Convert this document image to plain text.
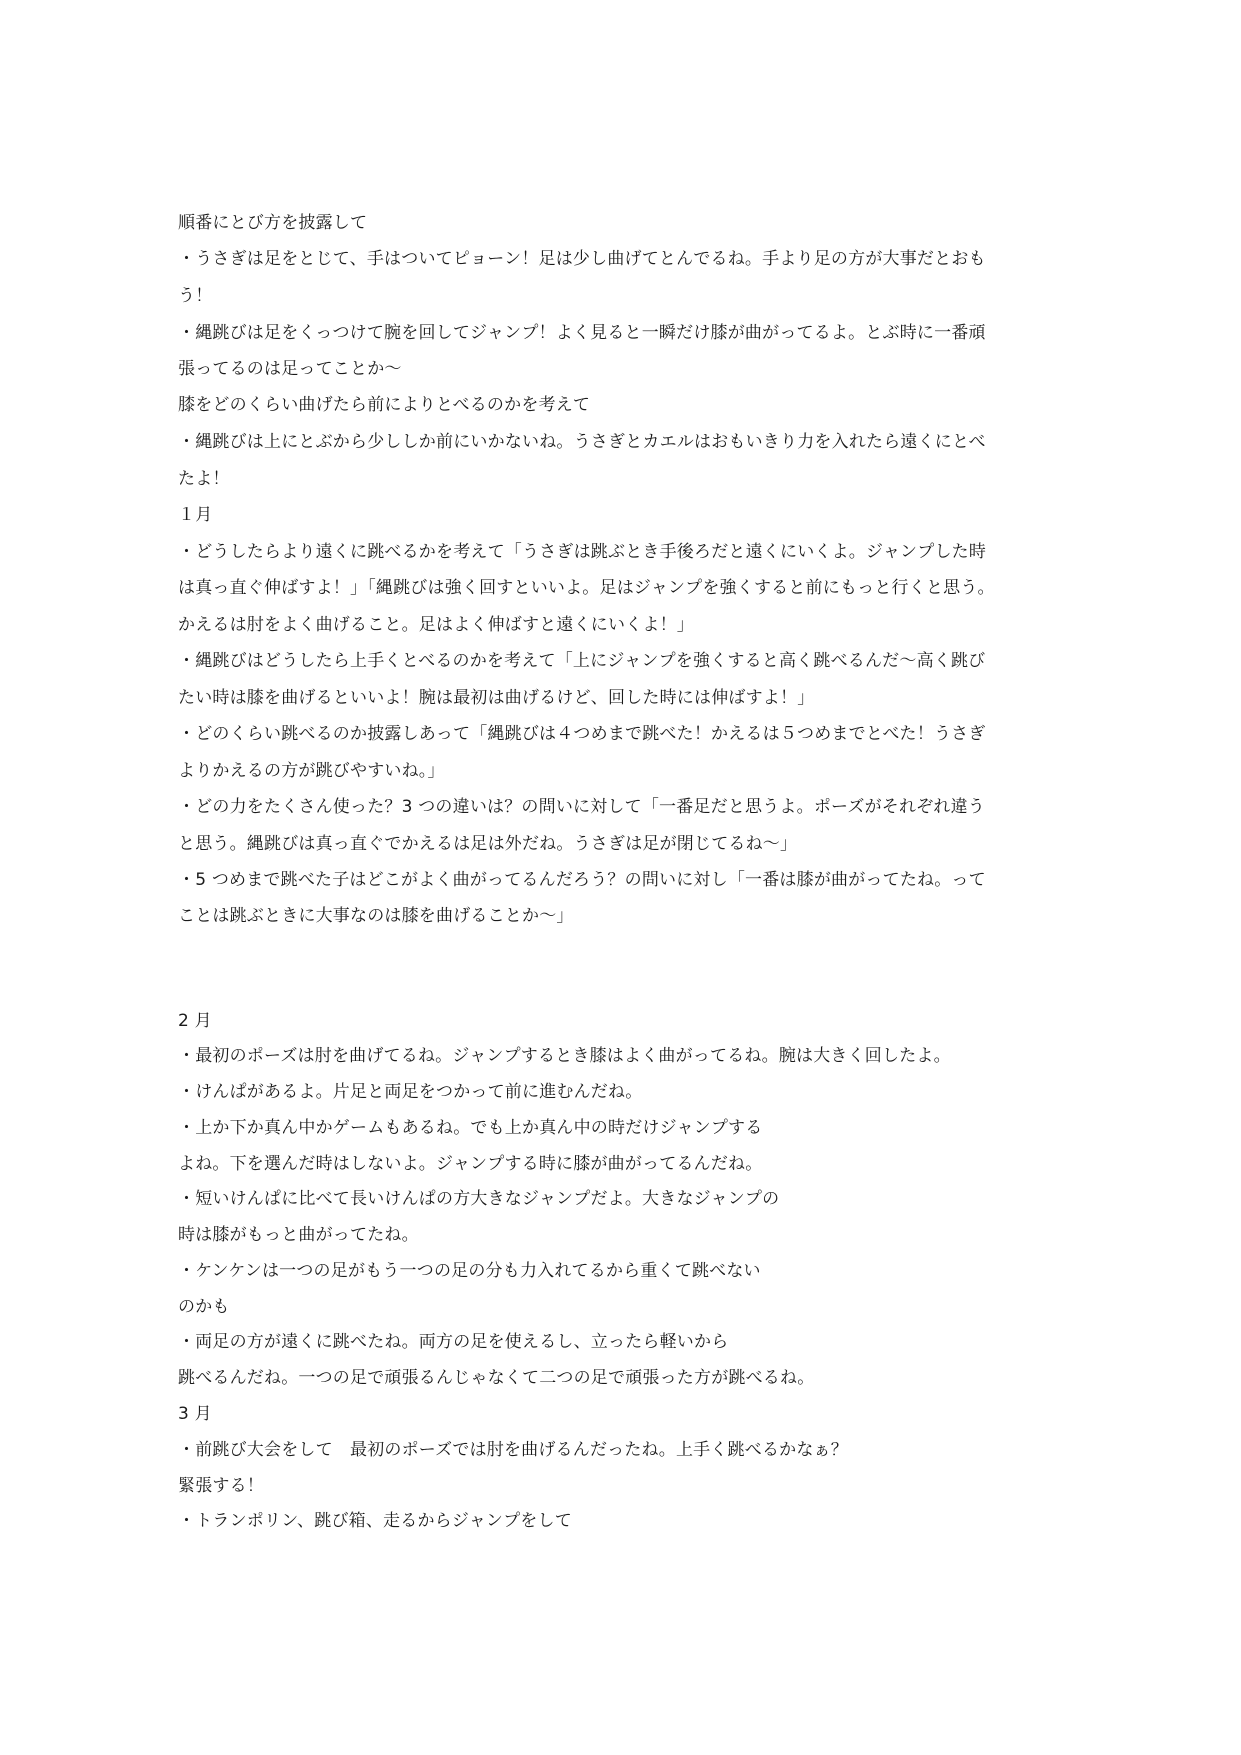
順番にとび方を披露して

・うさぎは足をとじて、手はついてピョーン！足は少し曲げてとんでるね。手より足の方が大事だとおも

う！

・縄跳びは足をくっつけて腕を回してジャンプ！よく見ると一瞬だけ膝が曲がってるよ。とぶ時に一番頑

張ってるのは足ってことか～

膝をどのくらい曲げたら前によりとべるのかを考えて

・縄跳びは上にとぶから少ししか前にいかないね。うさぎとカエルはおもいきり力を入れたら遠くにとべ

たよ！

１月

・どうしたらより遠くに跳べるかを考えて「うさぎは跳ぶとき手後ろだと遠くにいくよ。ジャンプした時

は真っ直ぐ伸ばすよ！」「縄跳びは強く回すといいよ。足はジャンプを強くすると前にもっと行くと思う。

かえるは肘をよく曲げること。足はよく伸ばすと遠くにいくよ！」

・縄跳びはどうしたら上手くとべるのかを考えて「上にジャンプを強くすると高く跳べるんだ～高く跳び

たい時は膝を曲げるといいよ！腕は最初は曲げるけど、回した時には伸ばすよ！」

・どのくらい跳べるのか披露しあって「縄跳びは４つめまで跳べた！かえるは５つめまでとべた！うさぎ

よりかえるの方が跳びやすいね。」

・どの力をたくさん使った？3 つの違いは？の問いに対して「一番足だと思うよ。ポーズがそれぞれ違う

と思う。縄跳びは真っ直ぐでかえるは足は外だね。うさぎは足が閉じてるね～」

・5 つめまで跳べた子はどこがよく曲がってるんだろう？の問いに対し「一番は膝が曲がってたね。って

ことは跳ぶときに大事なのは膝を曲げることか～」

2 月

・最初のポーズは肘を曲げてるね。ジャンプするとき膝はよく曲がってるね。腕は大きく回したよ。

・けんぱがあるよ。片足と両足をつかって前に進むんだね。

・上か下か真ん中かゲームもあるね。でも上か真ん中の時だけジャンプする

よね。下を選んだ時はしないよ。ジャンプする時に膝が曲がってるんだね。

・短いけんぱに比べて長いけんぱの方大きなジャンプだよ。大きなジャンプの

時は膝がもっと曲がってたね。

・ケンケンは一つの足がもう一つの足の分も力入れてるから重くて跳べない

のかも

・両足の方が遠くに跳べたね。両方の足を使えるし、立ったら軽いから

跳べるんだね。一つの足で頑張るんじゃなくて二つの足で頑張った方が跳べるね。

3 月

・前跳び大会をして　最初のポーズでは肘を曲げるんだったね。上手く跳べるかなぁ？

緊張する！

・トランポリン、跳び箱、走るからジャンプをして
